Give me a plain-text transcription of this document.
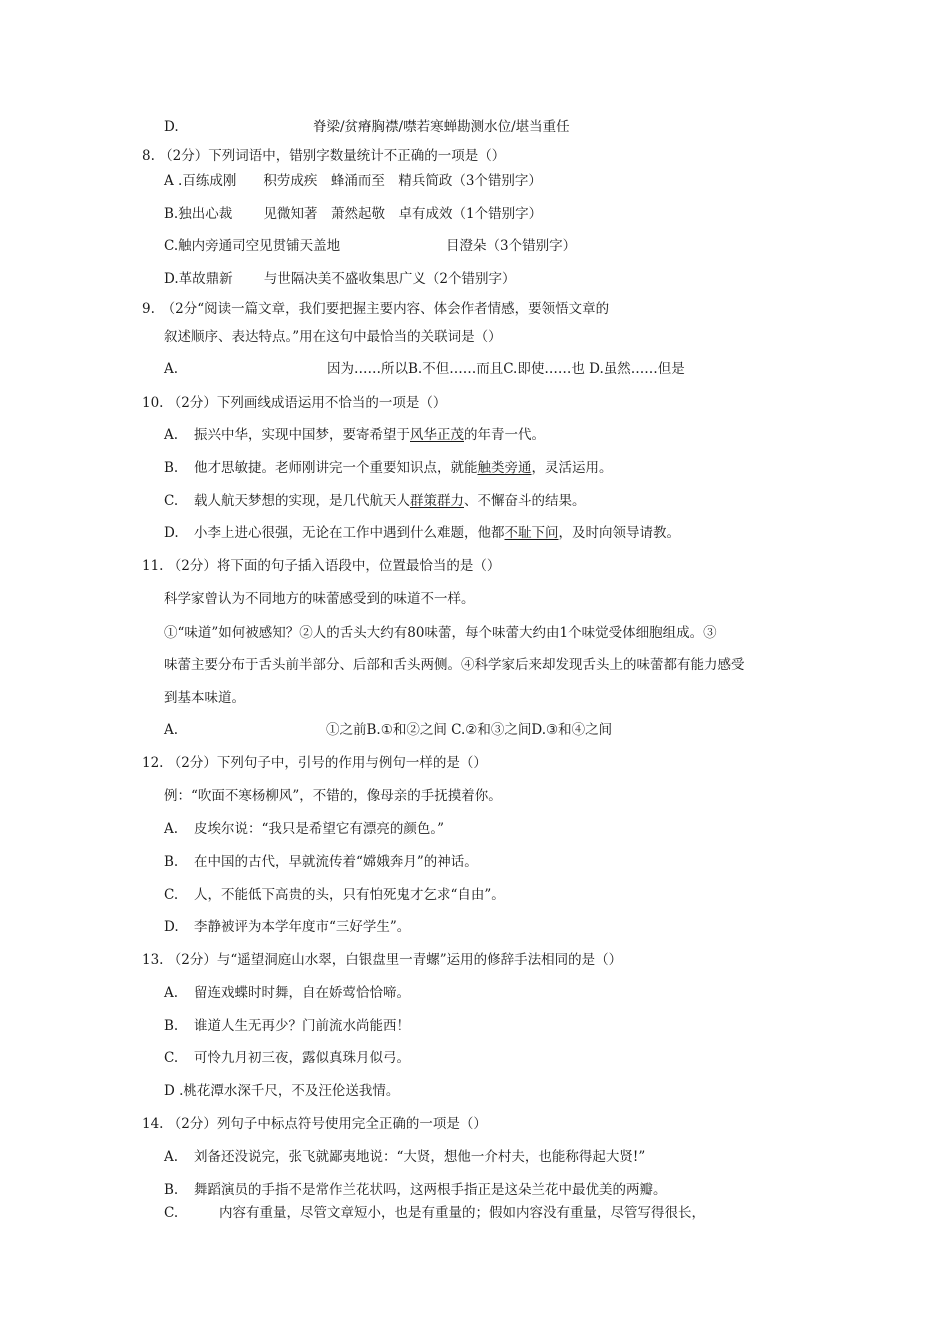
D.	脊梁/贫瘠胸襟/噤若寒蝉勘测水位/堪当重任
8. （2分）下列词语中，错别字数量统计不正确的一项是（）
A .百练成刚　　积劳成疾　蜂涌而至　精兵简政（3个错别字）
B.独出心裁　　 见微知著　萧然起敬　卓有成效（1个错别字）
C.触内旁通司空见贯铺天盖地	目澄朵（3个错别字）
D.革故鼎新　　 与世隔决美不盛收集思广义（2个错别字）
9.　（2分“阅读一篇文章，我们要把握主要内容、体会作者情感，要领悟文章的
叙述顺序、表达特点。”用在这句中最恰当的关联词是（）
A.	因为……所以B.不但……而且C.即使……也 D.虽然……但是
10. （2分）下列画线成语运用不恰当的一项是（）
A. 振兴中华，实现中国梦，要寄希望于风华正茂的年青一代。
B. 他才思敏捷。老师刚讲完一个重要知识点，就能触类旁通，灵活运用。
C. 载人航天梦想的实现，是几代航天人群策群力、不懈奋斗的结果。
D. 小李上进心很强，无论在工作中遇到什么难题，他都不耻下问，及时向领导请教。
11. （2分）将下面的句子插入语段中，位置最恰当的是（）
科学家曾认为不同地方的味蕾感受到的味道不一样。
①“味道”如何被感知？②人的舌头大约有80味蕾，每个味蕾大约由1个味觉受体细胞组成。③
味蕾主要分布于舌头前半部分、后部和舌头两侧。④科学家后来却发现舌头上的味蕾都有能力感受
到基本味道。
A.	①之前B.①和②之间 C.②和③之间D.③和④之间
12. （2分）下列句子中，引号的作用与例句一样的是（）
例：“吹面不寒杨柳风”，不错的，像母亲的手抚摸着你。
A. 皮埃尔说：“我只是希望它有漂亮的颜色。”
B. 在中国的古代，早就流传着“嫦娥奔月”的神话。
C. 人，不能低下高贵的头，只有怕死鬼才乞求“自由”。
D. 李静被评为本学年度市“三好学生”。
13. （2分）与“遥望洞庭山水翠，白银盘里一青螺”运用的修辞手法相同的是（）
A. 留连戏蝶时时舞，自在娇莺恰恰啼。
B. 谁道人生无再少？门前流水尚能西！
C. 可怜九月初三夜，露似真珠月似弓。
D .桃花潭水深千尺，不及汪伦送我情。
14. （2分）列句子中标点符号使用完全正确的一项是（）
A. 刘备还没说完，张飞就鄙夷地说：“大贤，想他一介村夫，也能称得起大贤!”
B. 舞蹈演员的手指不是常作兰花状吗，这两根手指正是这朵兰花中最优美的两瓣。
C.	内容有重量，尽管文章短小，也是有重量的；假如内容没有重量，尽管写得很长，
